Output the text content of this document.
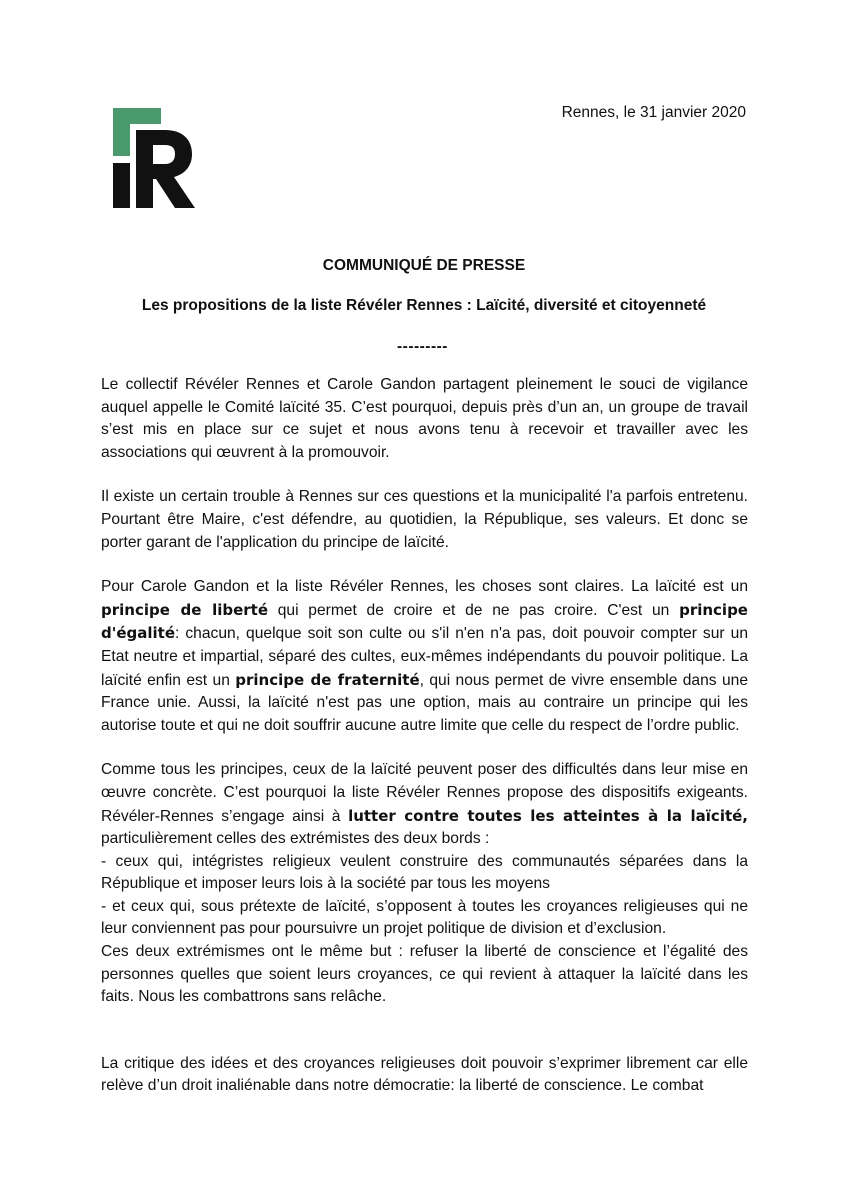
Rennes, le 31 janvier 2020
COMMUNIQUÉ DE PRESSE
Les propositions de la liste Révéler Rennes : Laïcité, diversité et citoyenneté
---------

Le collectif Révéler Rennes et Carole Gandon partagent pleinement le souci de vigilance auquel appelle le Comité laïcité 35. C’est pourquoi, depuis près d’un an, un groupe de travail s’est mis en place sur ce sujet et nous avons tenu à recevoir et travailler avec les associations qui œuvrent à la promouvoir.

Il existe un certain trouble à Rennes sur ces questions et la municipalité l'a parfois entretenu. Pourtant être Maire, c'est défendre, au quotidien, la République, ses valeurs. Et donc se porter garant de l'application du principe de laïcité.

Pour Carole Gandon et la liste Révéler Rennes, les choses sont claires. La laïcité est un principe de liberté qui permet de croire et de ne pas croire. C'est un principe d'égalité: chacun, quelque soit son culte ou s'il n'en n'a pas, doit pouvoir compter sur un Etat neutre et impartial, séparé des cultes, eux-mêmes indépendants du pouvoir politique. La laïcité enfin est un principe de fraternité, qui nous permet de vivre ensemble dans une France unie. Aussi, la laïcité n'est pas une option, mais au contraire un principe qui les autorise toute et qui ne doit souffrir aucune autre limite que celle du respect de l’ordre public.

Comme tous les principes, ceux de la laïcité peuvent poser des difficultés dans leur mise en œuvre concrète. C’est pourquoi la liste Révéler Rennes propose des dispositifs exigeants. Révéler-Rennes s’engage ainsi à lutter contre toutes les atteintes à la laïcité, particulièrement celles des extrémistes des deux bords :
- ceux qui, intégristes religieux veulent construire des communautés séparées dans la République et imposer leurs lois à la société par tous les moyens
- et ceux qui, sous prétexte de laïcité, s’opposent à toutes les croyances religieuses qui ne leur conviennent pas pour poursuivre un projet politique de division et d’exclusion.
Ces deux extrémismes ont le même but : refuser la liberté de conscience et l’égalité des personnes quelles que soient leurs croyances, ce qui revient à attaquer la laïcité dans les faits. Nous les combattrons sans relâche.

La critique des idées et des croyances religieuses doit pouvoir s’exprimer librement car elle relève d’un droit inaliénable dans notre démocratie: la liberté de conscience. Le combat
